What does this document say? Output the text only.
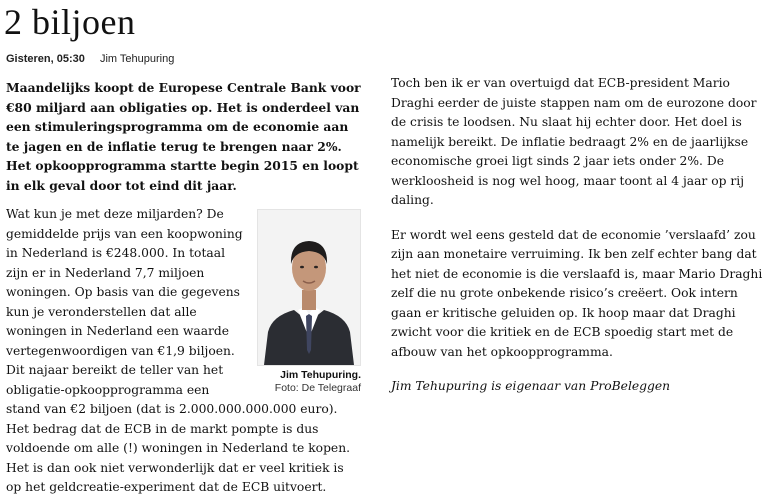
2 biljoen
Gisteren, 05:30 Jim Tehupuring

Maandelijks koopt de Europese Centrale Bank voor €80 miljard aan obligaties op. Het is onderdeel van een stimuleringsprogramma om de economie aan te jagen en de inflatie terug te brengen naar 2%. Het opkoopprogramma startte begin 2015 en loopt in elk geval door tot eind dit jaar.

Jim Tehupuring.
Foto: De Telegraaf

Wat kun je met deze miljarden? De gemiddelde prijs van een koopwoning in Nederland is €248.000. In totaal zijn er in Nederland 7,7 miljoen woningen. Op basis van die gegevens kun je veronderstellen dat alle woningen in Nederland een waarde vertegenwoordigen van €1,9 biljoen. Dit najaar bereikt de teller van het obligatie-opkoopprogramma een stand van €2 biljoen (dat is 2.000.000.000.000 euro). Het bedrag dat de ECB in de markt pompte is dus voldoende om alle (!) woningen in Nederland te kopen. Het is dan ook niet verwonderlijk dat er veel kritiek is op het geldcreatie-experiment dat de ECB uitvoert.

Toch ben ik er van overtuigd dat ECB-president Mario Draghi eerder de juiste stappen nam om de eurozone door de crisis te loodsen. Nu slaat hij echter door. Het doel is namelijk bereikt. De inflatie bedraagt 2% en de jaarlijkse economische groei ligt sinds 2 jaar iets onder 2%. De werkloosheid is nog wel hoog, maar toont al 4 jaar op rij daling.

Er wordt wel eens gesteld dat de economie ’verslaafd’ zou zijn aan monetaire verruiming. Ik ben zelf echter bang dat het niet de economie is die verslaafd is, maar Mario Draghi zelf die nu grote onbekende risico’s creëert. Ook intern gaan er kritische geluiden op. Ik hoop maar dat Draghi zwicht voor die kritiek en de ECB spoedig start met de afbouw van het opkoopprogramma.

Jim Tehupuring is eigenaar van ProBeleggen
